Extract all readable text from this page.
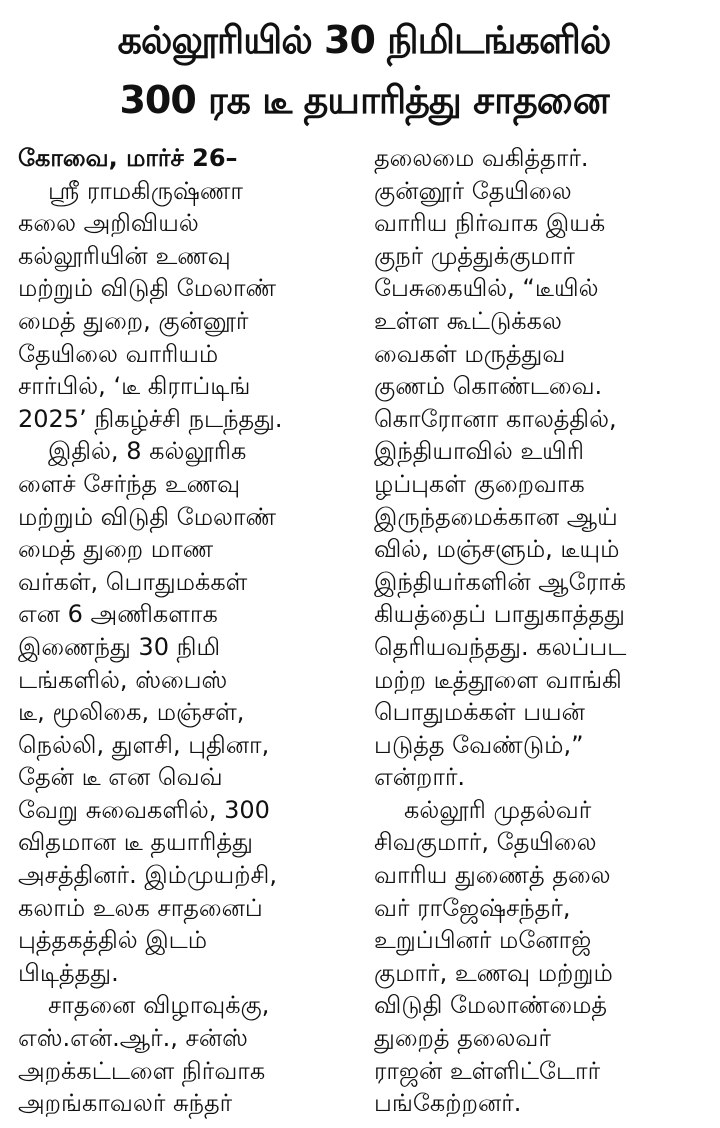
கல்லூரியில் 30 நிமிடங்களில்
300 ரக டீ தயாரித்து சாதனை
கோவை, மார்ச் 26–
ஸ்ரீ ராமகிருஷ்ணா
கலை அறிவியல்
கல்லூரியின் உணவு
மற்றும் விடுதி மேலாண்
மைத் துறை, குன்னூர்
தேயிலை வாரியம்
சார்பில், ‘டீ கிராப்டிங்
2025’ நிகழ்ச்சி நடந்தது.
இதில், 8 கல்லூரிக
ளைச் சேர்ந்த உணவு
மற்றும் விடுதி மேலாண்
மைத் துறை மாண
வர்கள், பொதுமக்கள்
என 6 அணிகளாக
இணைந்து 30 நிமி
டங்களில், ஸ்பைஸ்
டீ, மூலிகை, மஞ்சள்,
நெல்லி, துளசி, புதினா,
தேன் டீ என வெவ்
வேறு சுவைகளில், 300
விதமான டீ தயாரித்து
அசத்தினர். இம்முயற்சி,
கலாம் உலக சாதனைப்
புத்தகத்தில் இடம்
பிடித்தது.
சாதனை விழாவுக்கு,
எஸ்.என்.ஆர்., சன்ஸ்
அறக்கட்டளை நிர்வாக
அறங்காவலர் சுந்தர்
தலைமை வகித்தார்.
குன்னூர் தேயிலை
வாரிய நிர்வாக இயக்
குநர் முத்துக்குமார்
பேசுகையில், “டீயில்
உள்ள கூட்டுக்கல
வைகள் மருத்துவ
குணம் கொண்டவை.
கொரோனா காலத்தில்,
இந்தியாவில் உயிரி
ழப்புகள் குறைவாக
இருந்தமைக்கான ஆய்
வில், மஞ்சளும், டீயும்
இந்தியர்களின் ஆரோக்
கியத்தைப் பாதுகாத்தது
தெரியவந்தது. கலப்பட
மற்ற டீத்தூளை வாங்கி
பொதுமக்கள் பயன்
படுத்த வேண்டும்,”
என்றார்.
கல்லூரி முதல்வர்
சிவகுமார், தேயிலை
வாரிய துணைத் தலை
வர் ராஜேஷ்சந்தர்,
உறுப்பினர் மனோஜ்
குமார், உணவு மற்றும்
விடுதி மேலாண்மைத்
துறைத் தலைவர்
ராஜன் உள்ளிட்டோர்
பங்கேற்றனர்.
